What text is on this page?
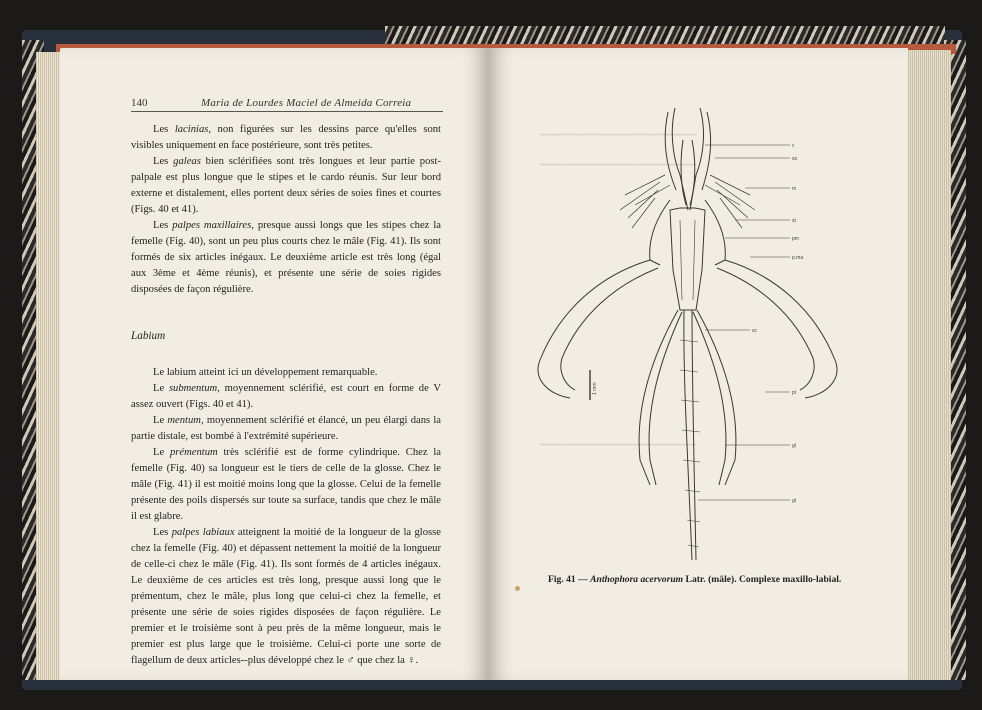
━━━━━━━━━━━━━━━━━━━━━━━━━━
━━━━━━━━━━━━━━━━━━━━━━━━━━
━━━━━━━━━━━━━━━━━━━━━━━━━━
140	Maria de Lourdes Maciel de Almeida Correia

Les lacinias, non figurées sur les dessins parce qu'elles sont visibles uniquement en face postérieure, sont très petites.

Les galeas bien sclérifiées sont très longues et leur partie post-palpale est plus longue que le stipes et le cardo réunis. Sur leur bord externe et distalement, elles portent deux séries de soies fines et courtes (Figs. 40 et 41).

Les palpes maxillaires, presque aussi longs que les stipes chez la femelle (Fig. 40), sont un peu plus courts chez le mâle (Fig. 41). Ils sont formés de six articles inégaux. Le deuxième article est très long (égal aux 3ème et 4ème réunis), et présente une série de soies rigides disposées de façon régulière.

Labium

Le labium atteint ici un développement remarquable.

Le submentum, moyennement sclérifié, est court en forme de V assez ouvert (Figs. 40 et 41).

Le mentum, moyennement sclérifié et élancé, un peu élargi dans la partie distale, est bombé à l'extrémité supérieure.

Le prémentum très sclérifié est de forme cylindrique. Chez la femelle (Fig. 40) sa longueur est le tiers de celle de la glosse. Chez le mâle (Fig. 41) il est moitié moins long que la glosse. Celui de la femelle présente des poils dispersés sur toute sa surface, tandis que chez le mâle il est glabre.

Les palpes labiaux atteignent la moitié de la longueur de la glosse chez la femelle (Fig. 40) et dépassent nettement la moitié de la longueur de celle-ci chez le mâle (Fig. 41). Ils sont formés de 4 articles inégaux. Le deuxième de ces articles est très long, presque aussi long que le prémentum, chez le mâle, plus long que celui-ci chez la femelle, et présente une série de soies rigides disposées de façon régulière. Le premier et le troisième sont à peu près de la même longueur, mais le premier est plus large que le troisième. Celui-ci porte une sorte de flagellum de deux articles--plus développé chez le ♂ que chez la ♀.

c
ss
m
st
pm
p.ma
sc
pl
gl
gl
1 mm
Fig. 41 — Anthophora acervorum Latr. (mâle). Complexe maxillo-labial.
